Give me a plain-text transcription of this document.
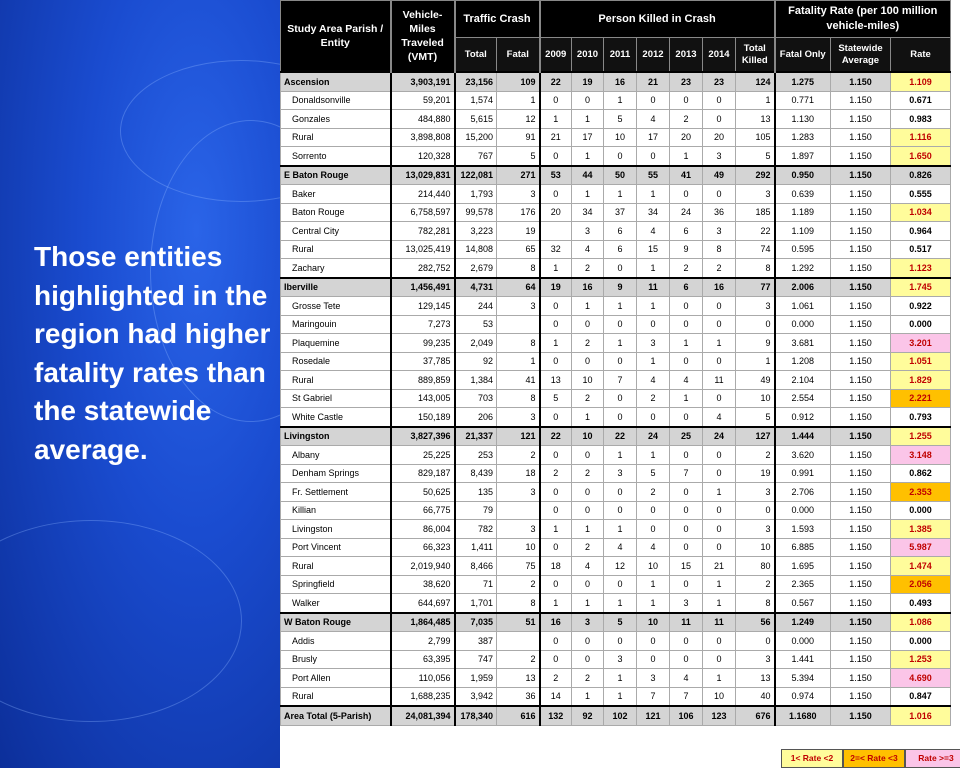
Those entities highlighted in the region had higher fatality rates than the statewide average.
Study Area Parish / Entity	Vehicle-Miles Traveled (VMT)	Traffic Crash		Person Killed in Crash							Fatality Rate (per 100 million vehicle-miles)		
		Total	Fatal	2009	2010	2011	2012	2013	2014	Total Killed	Fatal Only	Statewide Average	Rate
Ascension	3,903,191	23,156	109	22	19	16	21	23	23	124	1.275	1.150	1.109
Donaldsonville	59,201	1,574	1	0	0	1	0	0	0	1	0.771	1.150	0.671
Gonzales	484,880	5,615	12	1	1	5	4	2	0	13	1.130	1.150	0.983
Rural	3,898,808	15,200	91	21	17	10	17	20	20	105	1.283	1.150	1.116
Sorrento	120,328	767	5	0	1	0	0	1	3	5	1.897	1.150	1.650
E Baton Rouge	13,029,831	122,081	271	53	44	50	55	41	49	292	0.950	1.150	0.826
Baker	214,440	1,793	3	0	1	1	1	0	0	3	0.639	1.150	0.555
Baton Rouge	6,758,597	99,578	176	20	34	37	34	24	36	185	1.189	1.150	1.034
Central City	782,281	3,223	19		3	6	4	6	3	22	1.109	1.150	0.964
Rural	13,025,419	14,808	65	32	4	6	15	9	8	74	0.595	1.150	0.517
Zachary	282,752	2,679	8	1	2	0	1	2	2	8	1.292	1.150	1.123
Iberville	1,456,491	4,731	64	19	16	9	11	6	16	77	2.006	1.150	1.745
Grosse Tete	129,145	244	3	0	1	1	1	0	0	3	1.061	1.150	0.922
Maringouin	7,273	53		0	0	0	0	0	0	0	0.000	1.150	0.000
Plaquemine	99,235	2,049	8	1	2	1	3	1	1	9	3.681	1.150	3.201
Rosedale	37,785	92	1	0	0	0	1	0	0	1	1.208	1.150	1.051
Rural	889,859	1,384	41	13	10	7	4	4	11	49	2.104	1.150	1.829
St Gabriel	143,005	703	8	5	2	0	2	1	0	10	2.554	1.150	2.221
White Castle	150,189	206	3	0	1	0	0	0	4	5	0.912	1.150	0.793
Livingston	3,827,396	21,337	121	22	10	22	24	25	24	127	1.444	1.150	1.255
Albany	25,225	253	2	0	0	1	1	0	0	2	3.620	1.150	3.148
Denham Springs	829,187	8,439	18	2	2	3	5	7	0	19	0.991	1.150	0.862
Fr. Settlement	50,625	135	3	0	0	0	2	0	1	3	2.706	1.150	2.353
Killian	66,775	79		0	0	0	0	0	0	0	0.000	1.150	0.000
Livingston	86,004	782	3	1	1	1	0	0	0	3	1.593	1.150	1.385
Port Vincent	66,323	1,411	10	0	2	4	4	0	0	10	6.885	1.150	5.987
Rural	2,019,940	8,466	75	18	4	12	10	15	21	80	1.695	1.150	1.474
Springfield	38,620	71	2	0	0	0	1	0	1	2	2.365	1.150	2.056
Walker	644,697	1,701	8	1	1	1	1	3	1	8	0.567	1.150	0.493
W Baton Rouge	1,864,485	7,035	51	16	3	5	10	11	11	56	1.249	1.150	1.086
Addis	2,799	387		0	0	0	0	0	0	0	0.000	1.150	0.000
Brusly	63,395	747	2	0	0	3	0	0	0	3	1.441	1.150	1.253
Port Allen	110,056	1,959	13	2	2	1	3	4	1	13	5.394	1.150	4.690
Rural	1,688,235	3,942	36	14	1	1	7	7	10	40	0.974	1.150	0.847
Area Total (5-Parish)	24,081,394	178,340	616	132	92	102	121	106	123	676	1.1680	1.150	1.016
1< Rate <2	2=< Rate <3	Rate >=3
